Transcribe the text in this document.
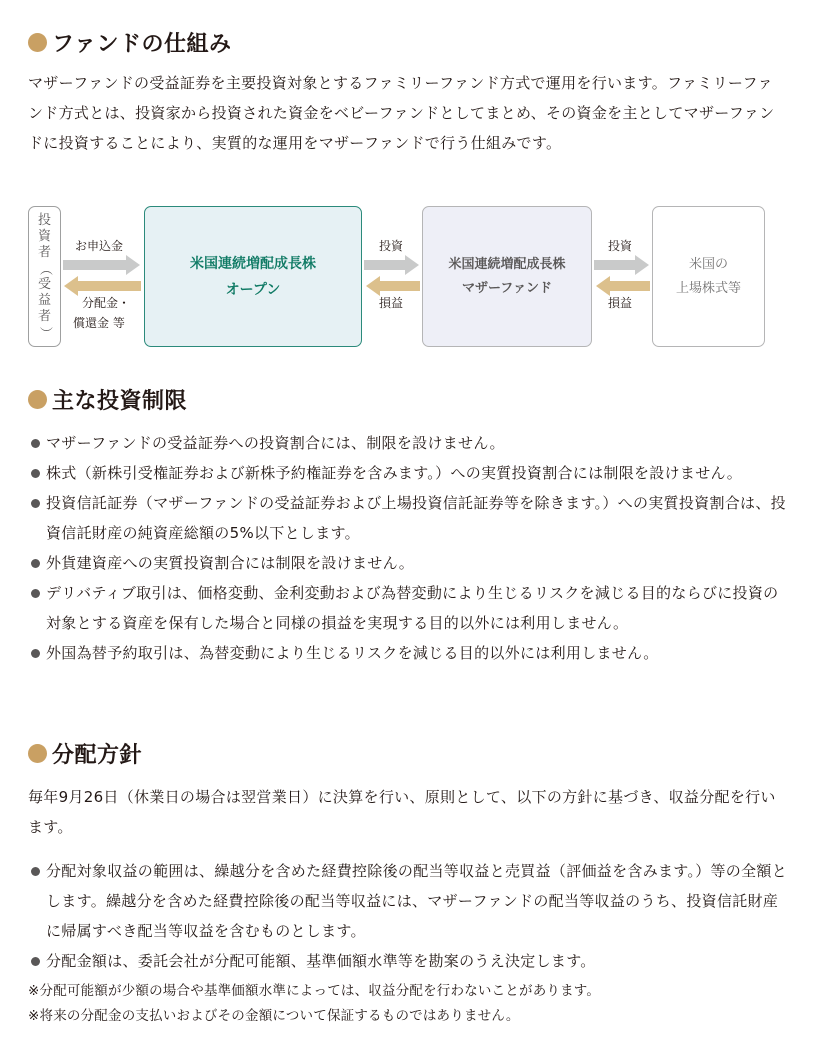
ファンドの仕組み

マザーファンドの受益証券を主要投資対象とするファミリーファンド方式で運用を行います。ファミリーファンド方式とは、投資家から投資された資金をベビーファンドとしてまとめ、その資金を主としてマザーファンドに投資することにより、実質的な運用をマザーファンドで行う仕組みです。

投
資
者
（
受
益
者
）
米国連続増配成長株
オープン
米国連続増配成長株
マザーファンド
米国の
上場株式等
お申込金
分配金・
償還金 等
投資
損益
投資
損益
主な投資制限
マザーファンドの受益証券への投資割合には、制限を設けません。
株式（新株引受権証券および新株予約権証券を含みます。）への実質投資割合には制限を設けません。
投資信託証券（マザーファンドの受益証券および上場投資信託証券等を除きます。）への実質投資割合は、投資信託財産の純資産総額の5%以下とします。
外貨建資産への実質投資割合には制限を設けません。
デリバティブ取引は、価格変動、金利変動および為替変動により生じるリスクを減じる目的ならびに投資の対象とする資産を保有した場合と同様の損益を実現する目的以外には利用しません。
外国為替予約取引は、為替変動により生じるリスクを減じる目的以外には利用しません。
分配方針

毎年9月26日（休業日の場合は翌営業日）に決算を行い、原則として、以下の方針に基づき、収益分配を行います。

分配対象収益の範囲は、繰越分を含めた経費控除後の配当等収益と売買益（評価益を含みます。）等の全額とします。繰越分を含めた経費控除後の配当等収益には、マザーファンドの配当等収益のうち、投資信託財産に帰属すべき配当等収益を含むものとします。
分配金額は、委託会社が分配可能額、基準価額水準等を勘案のうえ決定します。

※分配可能額が少額の場合や基準価額水準によっては、収益分配を行わないことがあります。

※将来の分配金の支払いおよびその金額について保証するものではありません。
